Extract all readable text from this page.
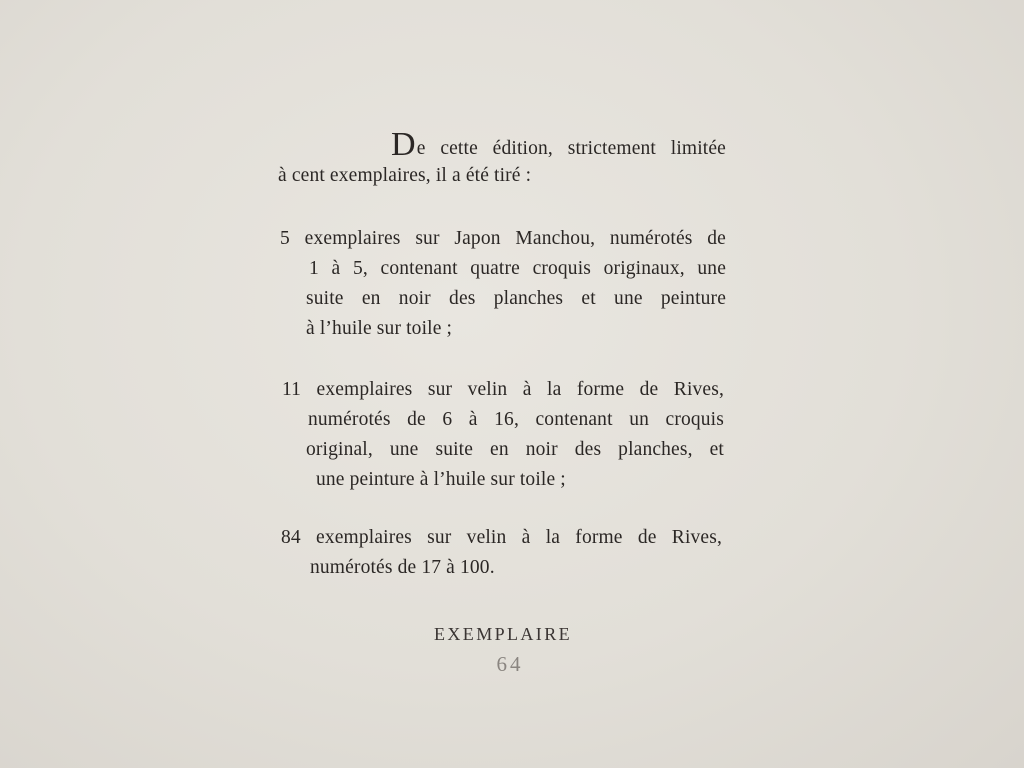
De cette édition, strictement limitée
à cent exemplaires, il a été tiré :
5 exemplaires sur Japon Manchou, numérotés de
1 à 5, contenant quatre croquis originaux, une
suite en noir des planches et une peinture
à l’huile sur toile ;
11 exemplaires sur velin à la forme de Rives,
numérotés de 6 à 16, contenant un croquis
original, une suite en noir des planches, et
une peinture à l’huile sur toile ;
84 exemplaires sur velin à la forme de Rives,
numérotés de 17 à 100.
EXEMPLAIRE
64
